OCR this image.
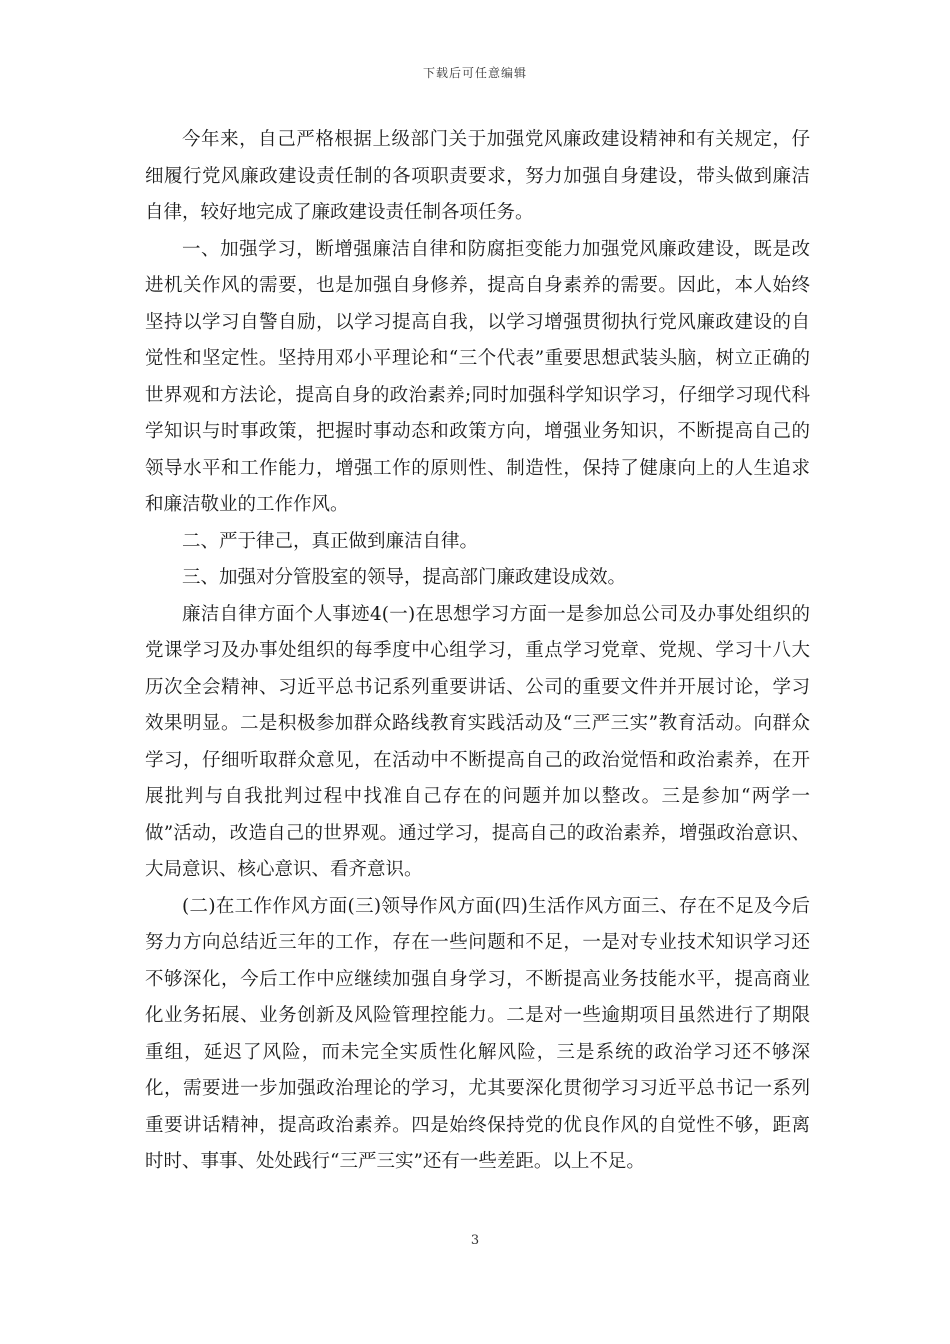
下载后可任意编辑

今年来，自己严格根据上级部门关于加强党风廉政建设精神和有关规定，仔细履行党风廉政建设责任制的各项职责要求，努力加强自身建设，带头做到廉洁自律，较好地完成了廉政建设责任制各项任务。

一、加强学习，断增强廉洁自律和防腐拒变能力加强党风廉政建设，既是改进机关作风的需要，也是加强自身修养，提高自身素养的需要。因此，本人始终坚持以学习自警自励，以学习提高自我，以学习增强贯彻执行党风廉政建设的自觉性和坚定性。坚持用邓小平理论和“三个代表”重要思想武装头脑，树立正确的世界观和方法论，提高自身的政治素养;同时加强科学知识学习，仔细学习现代科学知识与时事政策，把握时事动态和政策方向，增强业务知识，不断提高自己的领导水平和工作能力，增强工作的原则性、制造性，保持了健康向上的人生追求和廉洁敬业的工作作风。

二、严于律己，真正做到廉洁自律。

三、加强对分管股室的领导，提高部门廉政建设成效。

廉洁自律方面个人事迹4(一)在思想学习方面一是参加总公司及办事处组织的党课学习及办事处组织的每季度中心组学习，重点学习党章、党规、学习十八大历次全会精神、习近平总书记系列重要讲话、公司的重要文件并开展讨论，学习效果明显。二是积极参加群众路线教育实践活动及“三严三实”教育活动。向群众学习，仔细听取群众意见，在活动中不断提高自己的政治觉悟和政治素养，在开展批判与自我批判过程中找准自己存在的问题并加以整改。三是参加“两学一做”活动，改造自己的世界观。通过学习，提高自己的政治素养，增强政治意识、大局意识、核心意识、看齐意识。

(二)在工作作风方面(三)领导作风方面(四)生活作风方面三、存在不足及今后努力方向总结近三年的工作，存在一些问题和不足，一是对专业技术知识学习还不够深化，今后工作中应继续加强自身学习，不断提高业务技能水平，提高商业化业务拓展、业务创新及风险管理控能力。二是对一些逾期项目虽然进行了期限重组，延迟了风险，而未完全实质性化解风险，三是系统的政治学习还不够深化，需要进一步加强政治理论的学习，尤其要深化贯彻学习习近平总书记一系列重要讲话精神，提高政治素养。四是始终保持党的优良作风的自觉性不够，距离时时、事事、处处践行“三严三实”还有一些差距。以上不足。

3
